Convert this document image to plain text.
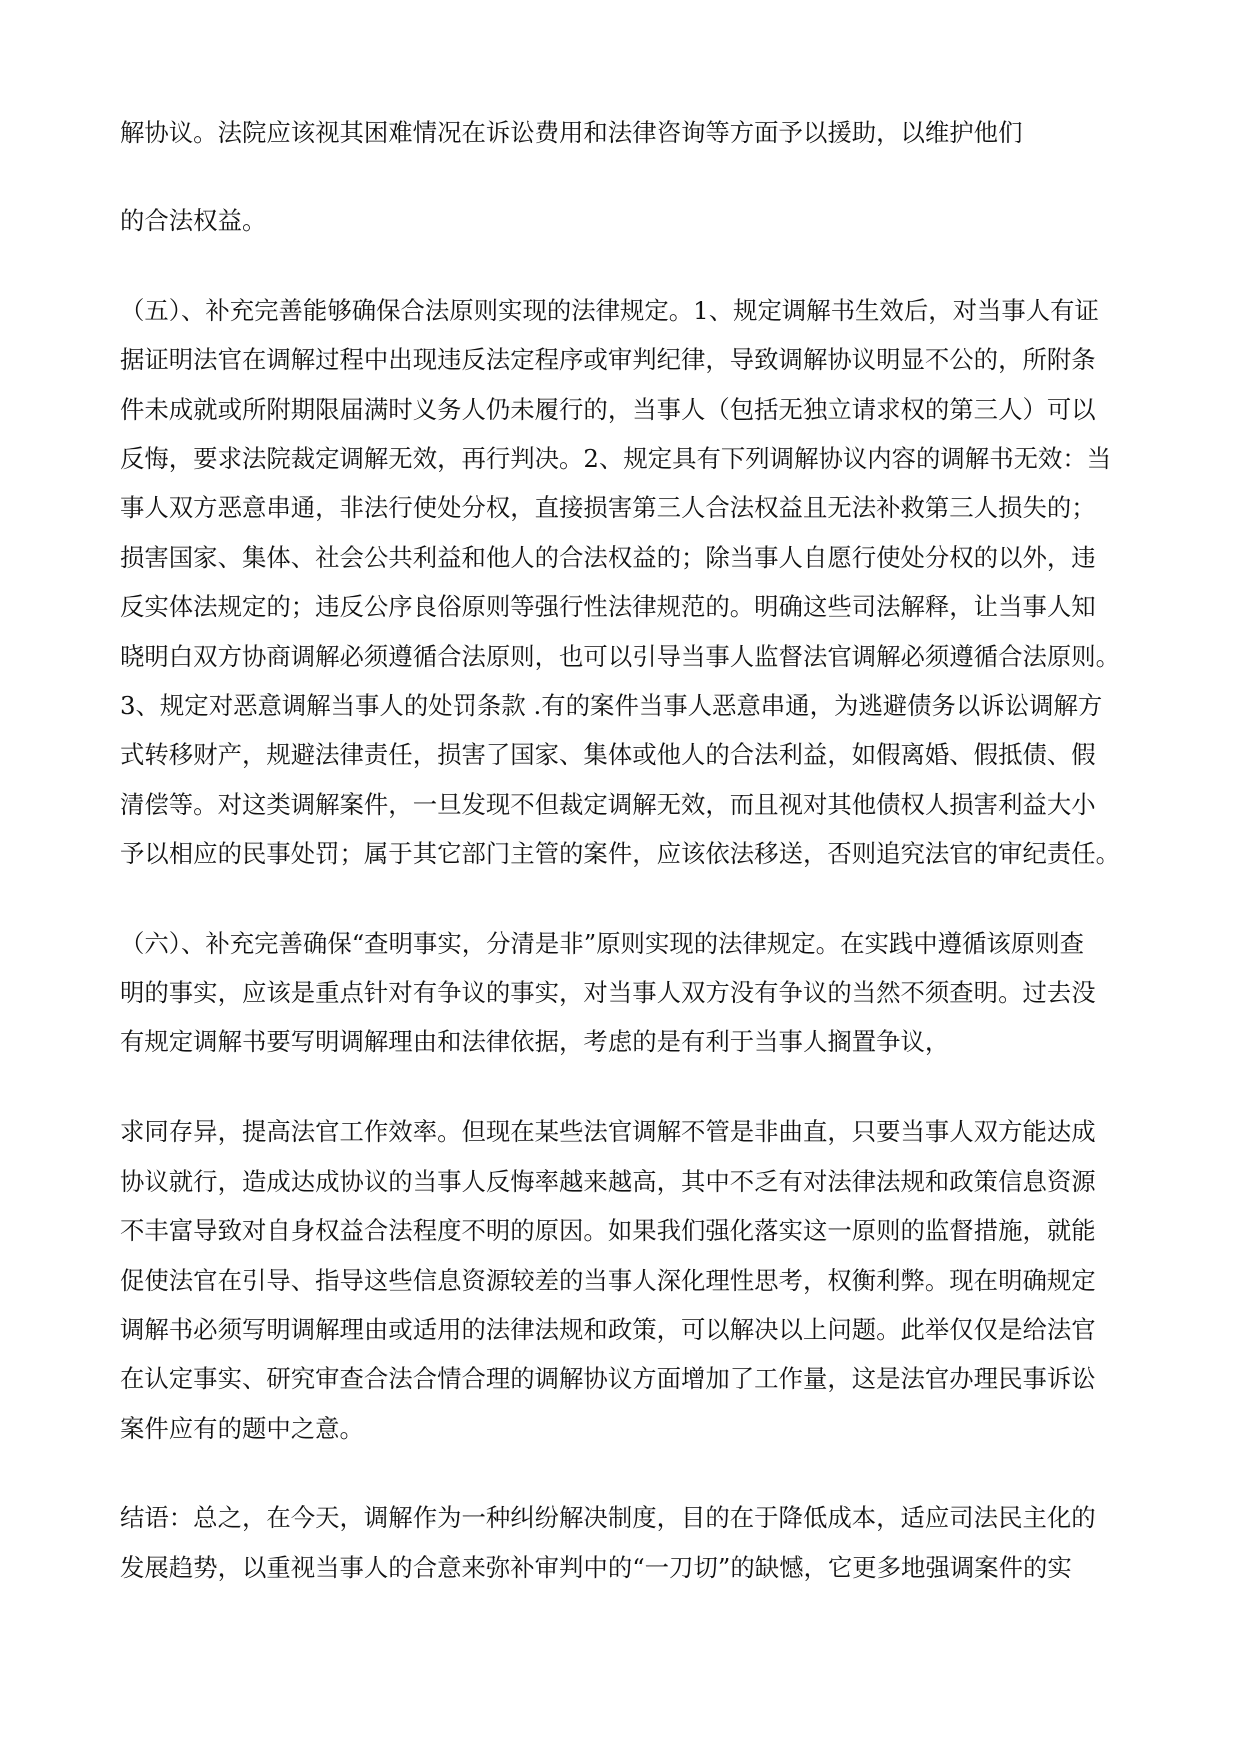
解协议。法院应该视其困难情况在诉讼费用和法律咨询等方面予以援助，以维护他们
的合法权益。
（五）、补充完善能够确保合法原则实现的法律规定。1、规定调解书生效后，对当事人有证
据证明法官在调解过程中出现违反法定程序或审判纪律，导致调解协议明显不公的，所附条
件未成就或所附期限届满时义务人仍未履行的，当事人（包括无独立请求权的第三人）可以
反悔，要求法院裁定调解无效，再行判决。2、规定具有下列调解协议内容的调解书无效：当
事人双方恶意串通，非法行使处分权，直接损害第三人合法权益且无法补救第三人损失的；
损害国家、集体、社会公共利益和他人的合法权益的；除当事人自愿行使处分权的以外，违
反实体法规定的；违反公序良俗原则等强行性法律规范的。明确这些司法解释，让当事人知
晓明白双方协商调解必须遵循合法原则，也可以引导当事人监督法官调解必须遵循合法原则。
3、规定对恶意调解当事人的处罚条款 .有的案件当事人恶意串通，为逃避债务以诉讼调解方
式转移财产，规避法律责任，损害了国家、集体或他人的合法利益，如假离婚、假抵债、假
清偿等。对这类调解案件，一旦发现不但裁定调解无效，而且视对其他债权人损害利益大小
予以相应的民事处罚；属于其它部门主管的案件，应该依法移送，否则追究法官的审纪责任。
（六）、补充完善确保“查明事实，分清是非”原则实现的法律规定。在实践中遵循该原则查
明的事实，应该是重点针对有争议的事实，对当事人双方没有争议的当然不须查明。过去没
有规定调解书要写明调解理由和法律依据，考虑的是有利于当事人搁置争议，
求同存异，提高法官工作效率。但现在某些法官调解不管是非曲直，只要当事人双方能达成
协议就行，造成达成协议的当事人反悔率越来越高，其中不乏有对法律法规和政策信息资源
不丰富导致对自身权益合法程度不明的原因。如果我们强化落实这一原则的监督措施，就能
促使法官在引导、指导这些信息资源较差的当事人深化理性思考，权衡利弊。现在明确规定
调解书必须写明调解理由或适用的法律法规和政策，可以解决以上问题。此举仅仅是给法官
在认定事实、研究审查合法合情合理的调解协议方面增加了工作量，这是法官办理民事诉讼
案件应有的题中之意。
结语：总之，在今天，调解作为一种纠纷解决制度，目的在于降低成本，适应司法民主化的
发展趋势，以重视当事人的合意来弥补审判中的“一刀切”的缺憾，它更多地强调案件的实
